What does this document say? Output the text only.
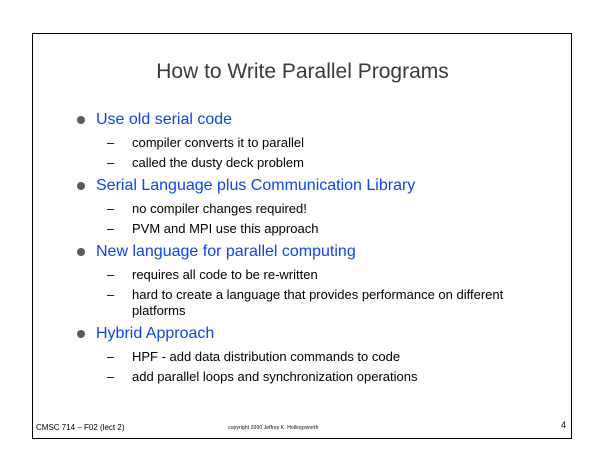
How to Write Parallel Programs
Use old serial code
– compiler converts it to parallel
– called the dusty deck problem
Serial Language plus Communication Library
– no compiler changes required!
– PVM and MPI use this approach
New language for parallel computing
– requires all code to be re-written
– hard to create a language that provides performance on different platforms
Hybrid Approach
– HPF - add data distribution commands to code
– add parallel loops and synchronization operations
CMSC 714 – F02 (lect 2)	copyright 2000 Jeffrey K. Hollingsworth	4
